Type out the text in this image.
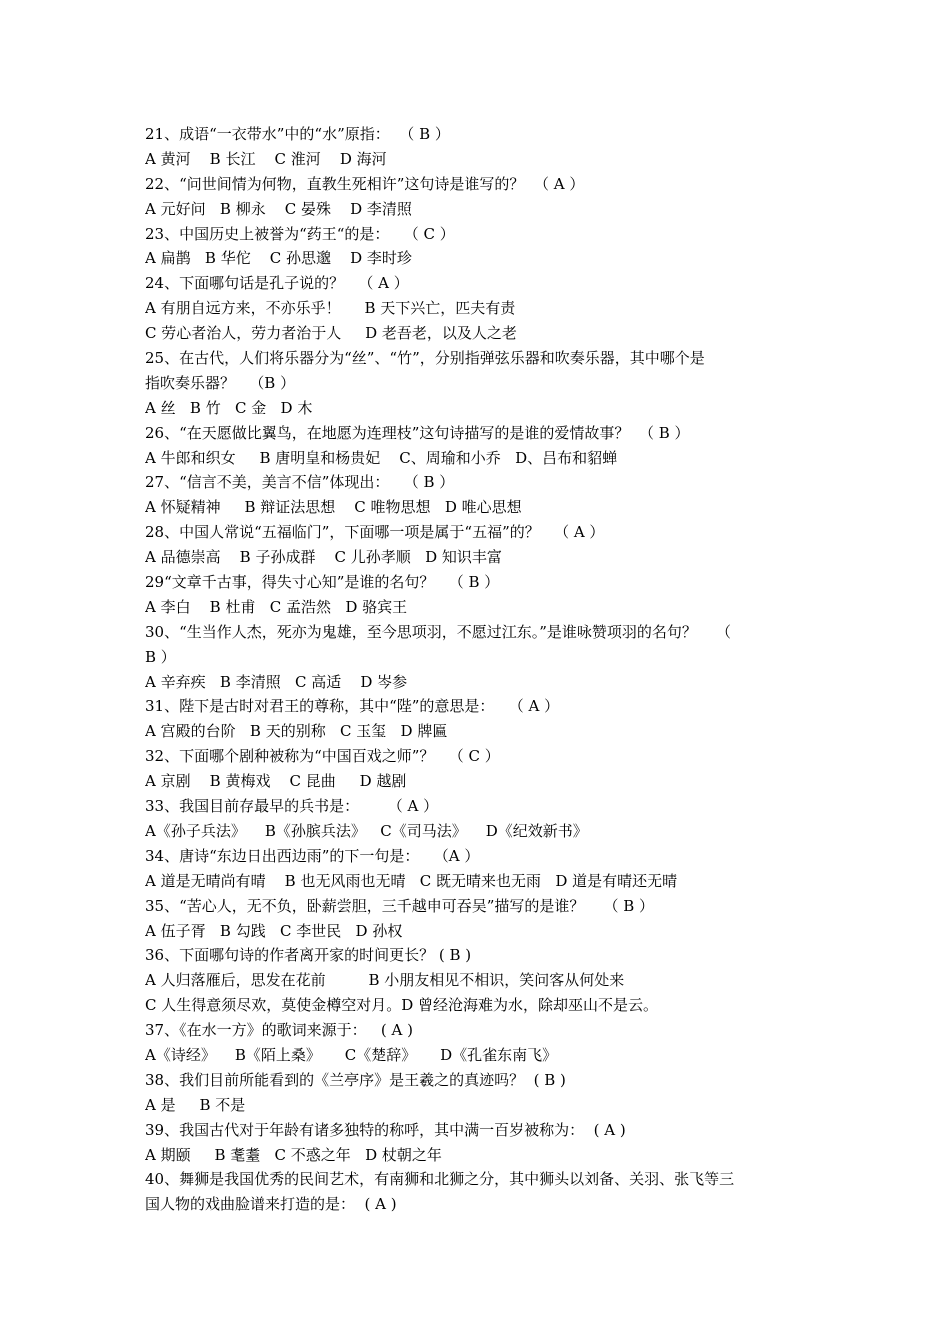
21、成语“一衣带水”中的“水”原指：  （ B ）
A 黄河    B 长江    C 淮河    D 海河
22、“问世间情为何物，直教生死相许”这句诗是谁写的？  （ A ）
A 元好问   B 柳永    C 晏殊    D 李清照
23、中国历史上被誉为“药王“的是：   （ C ）
A 扁鹊   B 华佗    C 孙思邈    D 李时珍
24、下面哪句话是孔子说的？   （ A ）
A 有朋自远方来，不亦乐乎！     B 天下兴亡，匹夫有责
C 劳心者治人，劳力者治于人     D 老吾老，以及人之老
25、在古代，人们将乐器分为“丝”、“竹”，分别指弹弦乐器和吹奏乐器，其中哪个是
指吹奏乐器？   （B ）
A 丝   B 竹   C 金   D 木
26、“在天愿做比翼鸟，在地愿为连理枝”这句诗描写的是谁的爱情故事？  （ B ）
A 牛郎和织女     B 唐明皇和杨贵妃    C、周瑜和小乔   D、吕布和貂蝉
27、“信言不美，美言不信”体现出：   （ B ）
A 怀疑精神     B 辩证法思想    C 唯物思想   D 唯心思想
28、中国人常说“五福临门”，下面哪一项是属于“五福”的？   （ A ）
A 品德崇高    B 子孙成群    C 儿孙孝顺   D 知识丰富
29“文章千古事，得失寸心知”是谁的名句？   （ B ）
A 李白    B 杜甫   C 孟浩然   D 骆宾王
30、“生当作人杰，死亦为鬼雄，至今思项羽，不愿过江东。”是谁咏赞项羽的名句？    （
B ）
A 辛弃疾   B 李清照   C 高适    D 岑参
31、陛下是古时对君王的尊称，其中“陛”的意思是：   （ A ）
A 宫殿的台阶   B 天的别称   C 玉玺   D 牌匾
32、下面哪个剧种被称为“中国百戏之师”？   （ C ）
A 京剧    B 黄梅戏    C 昆曲     D 越剧
33、我国目前存最早的兵书是：      （ A ）
A《孙子兵法》    B《孙膑兵法》   C《司马法》    D《纪效新书》
34、唐诗“东边日出西边雨”的下一句是：   （A ）
A 道是无晴尚有晴    B 也无风雨也无晴   C 既无晴来也无雨   D 道是有晴还无晴
35、“苦心人，无不负，卧薪尝胆，三千越申可吞吴”描写的是谁？    （ B ）
A 伍子胥   B 勾践   C 李世民   D 孙权
36、下面哪句诗的作者离开家的时间更长？ ( B )
A 人归落雁后，思发在花前         B 小朋友相见不相识，笑问客从何处来
C 人生得意须尽欢，莫使金樽空对月。D 曾经沧海难为水，除却巫山不是云。
37、《在水一方》的歌词来源于：   ( A )
A《诗经》    B《陌上桑》     C《楚辞》     D《孔雀东南飞》
38、我们目前所能看到的《兰亭序》是王羲之的真迹吗？  ( B )
A 是     B 不是
39、我国古代对于年龄有诸多独特的称呼，其中满一百岁被称为：  ( A )
A 期颐     B 耄耋   C 不惑之年   D 杖朝之年
40、舞狮是我国优秀的民间艺术，有南狮和北狮之分，其中狮头以刘备、关羽、张飞等三
国人物的戏曲脸谱来打造的是：  ( A )
